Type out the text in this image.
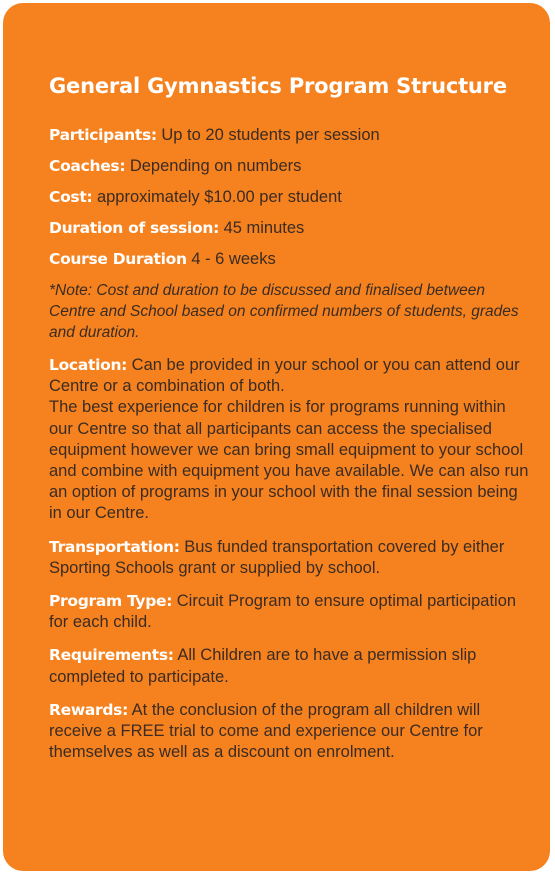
General Gymnastics Program Structure
Participants: Up to 20 students per session
Coaches: Depending on numbers
Cost: approximately $10.00 per student
Duration of session: 45 minutes
Course Duration 4 - 6 weeks

*Note: Cost and duration to be discussed and finalised between Centre and School based on confirmed numbers of students, grades and duration.

Location: Can be provided in your school or you can attend our Centre or a combination of both.
The best experience for children is for programs running within our Centre so that all participants can access the specialised equipment however we can bring small equipment to your school and combine with equipment you have available. We can also run an option of programs in your school with the final session being in our Centre.

Transportation: Bus funded transportation covered by either Sporting Schools grant or supplied by school.

Program Type: Circuit Program to ensure optimal participation for each child.

Requirements: All Children are to have a permission slip completed to participate.

Rewards: At the conclusion of the program all children will receive a FREE trial to come and experience our Centre for themselves as well as a discount on enrolment.
